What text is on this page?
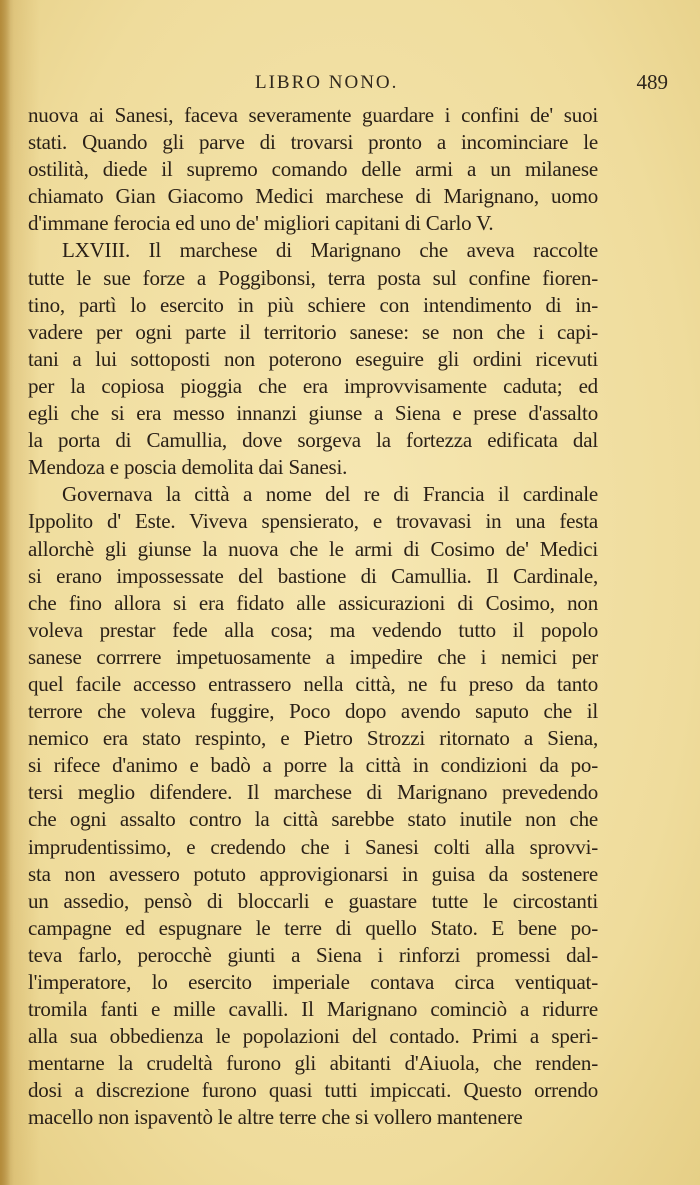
LIBRO NONO.	489
nuova ai Sanesi, faceva severamente guardare i confini de' suoi
stati. Quando gli parve di trovarsi pronto a incominciare le
ostilità, diede il supremo comando delle armi a un milanese
chiamato Gian Giacomo Medici marchese di Marignano, uomo
d'immane ferocia ed uno de' migliori capitani di Carlo V.
LXVIII. Il marchese di Marignano che aveva raccolte
tutte le sue forze a Poggibonsi, terra posta sul confine fioren-
tino, partì lo esercito in più schiere con intendimento di in-
vadere per ogni parte il territorio sanese: se non che i capi-
tani a lui sottoposti non poterono eseguire gli ordini ricevuti
per la copiosa pioggia che era improvvisamente caduta; ed
egli che si era messo innanzi giunse a Siena e prese d'assalto
la porta di Camullia, dove sorgeva la fortezza edificata dal
Mendoza e poscia demolita dai Sanesi.
Governava la città a nome del re di Francia il cardinale
Ippolito d' Este. Viveva spensierato, e trovavasi in una festa
allorchè gli giunse la nuova che le armi di Cosimo de' Medici
si erano impossessate del bastione di Camullia. Il Cardinale,
che fino allora si era fidato alle assicurazioni di Cosimo, non
voleva prestar fede alla cosa; ma vedendo tutto il popolo
sanese corrrere impetuosamente a impedire che i nemici per
quel facile accesso entrassero nella città, ne fu preso da tanto
terrore che voleva fuggire, Poco dopo avendo saputo che il
nemico era stato respinto, e Pietro Strozzi ritornato a Siena,
si rifece d'animo e badò a porre la città in condizioni da po-
tersi meglio difendere. Il marchese di Marignano prevedendo
che ogni assalto contro la città sarebbe stato inutile non che
imprudentissimo, e credendo che i Sanesi colti alla sprovvi-
sta non avessero potuto approvigionarsi in guisa da sostenere
un assedio, pensò di bloccarli e guastare tutte le circostanti
campagne ed espugnare le terre di quello Stato. E bene po-
teva farlo, perocchè giunti a Siena i rinforzi promessi dal-
l'imperatore, lo esercito imperiale contava circa ventiquat-
tromila fanti e mille cavalli. Il Marignano cominciò a ridurre
alla sua obbedienza le popolazioni del contado. Primi a speri-
mentarne la crudeltà furono gli abitanti d'Aiuola, che renden-
dosi a discrezione furono quasi tutti impiccati. Questo orrendo
macello non ispaventò le altre terre che si vollero mantenere
